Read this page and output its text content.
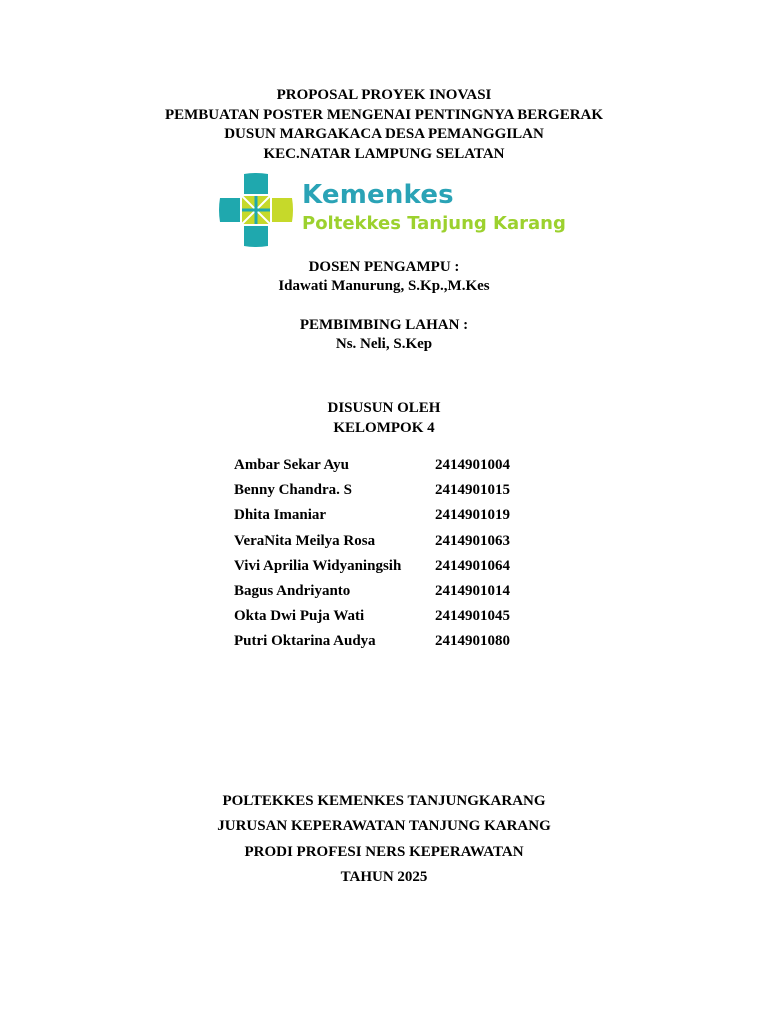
PROPOSAL PROYEK INOVASI
PEMBUATAN POSTER MENGENAI PENTINGNYA BERGERAK
DUSUN MARGAKACA DESA PEMANGGILAN
KEC.NATAR LAMPUNG SELATAN
Kemenkes
Poltekkes Tanjung Karang
DOSEN PENGAMPU :
Idawati Manurung, S.Kp.,M.Kes
PEMBIMBING LAHAN :
Ns. Neli, S.Kep
DISUSUN OLEH
KELOMPOK 4
Ambar Sekar Ayu	2414901004
Benny Chandra. S	2414901015
Dhita Imaniar	2414901019
VeraNita Meilya Rosa	2414901063
Vivi Aprilia Widyaningsih	2414901064
Bagus Andriyanto	2414901014
Okta Dwi Puja Wati	2414901045
Putri Oktarina Audya	2414901080
POLTEKKES KEMENKES TANJUNGKARANG
JURUSAN KEPERAWATAN TANJUNG KARANG
PRODI PROFESI NERS KEPERAWATAN
TAHUN 2025
